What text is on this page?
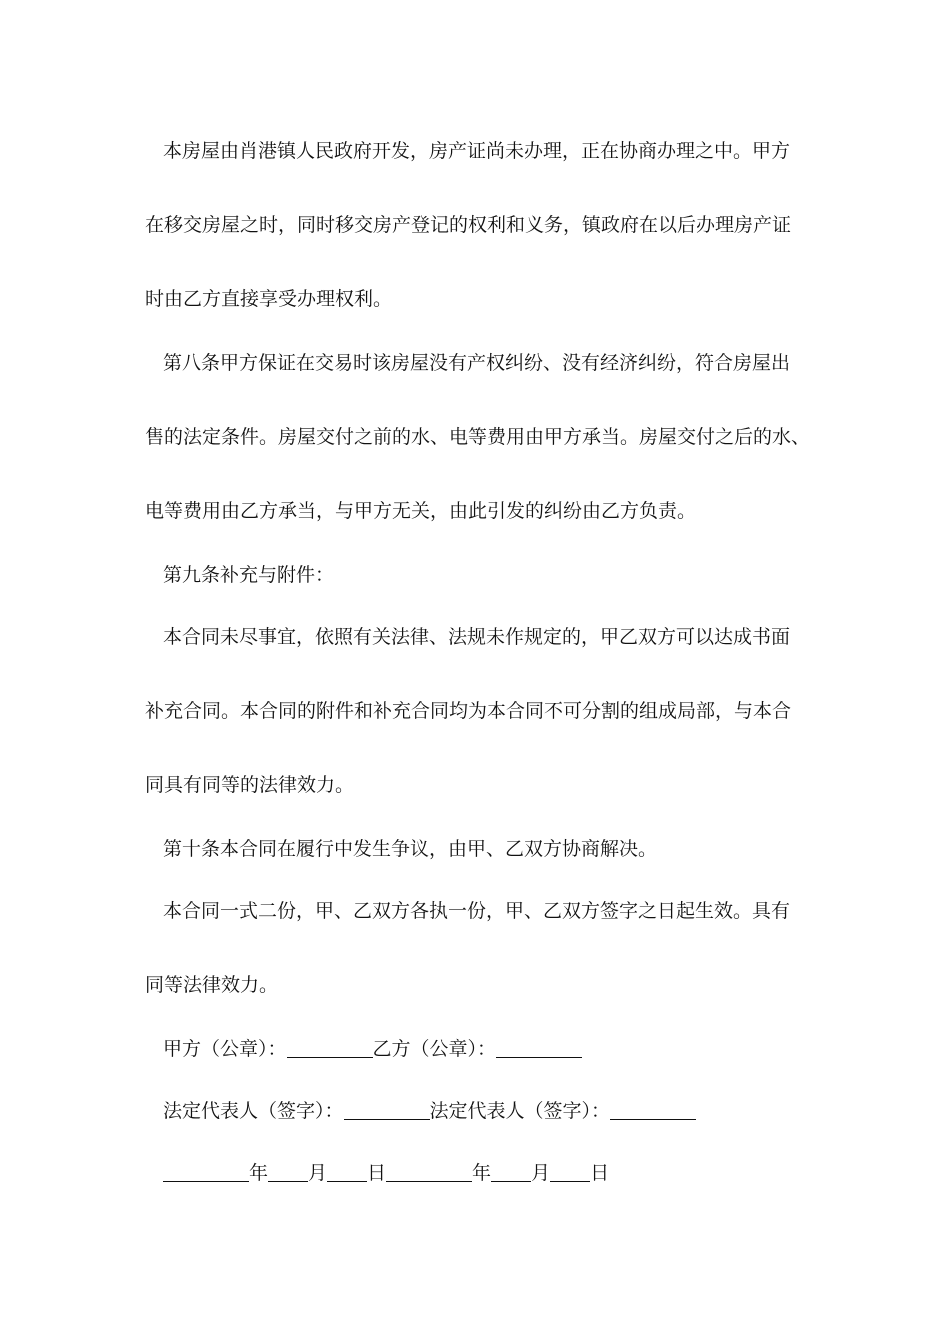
本房屋由肖港镇人民政府开发，房产证尚未办理，正在协商办理之中。甲方
在移交房屋之时，同时移交房产登记的权利和义务，镇政府在以后办理房产证
时由乙方直接享受办理权利。
第八条甲方保证在交易时该房屋没有产权纠纷、没有经济纠纷，符合房屋出
售的法定条件。房屋交付之前的水、电等费用由甲方承当。房屋交付之后的水、
电等费用由乙方承当，与甲方无关，由此引发的纠纷由乙方负责。
第九条补充与附件：
本合同未尽事宜，依照有关法律、法规未作规定的，甲乙双方可以达成书面
补充合同。本合同的附件和补充合同均为本合同不可分割的组成局部，与本合
同具有同等的法律效力。
第十条本合同在履行中发生争议，由甲、乙双方协商解决。
本合同一式二份，甲、乙双方各执一份，甲、乙双方签字之日起生效。具有
同等法律效力。
甲方（公章）：	乙方（公章）：
法定代表人（签字）：	法定代表人（签字）：
年 月 日	年 月 日
